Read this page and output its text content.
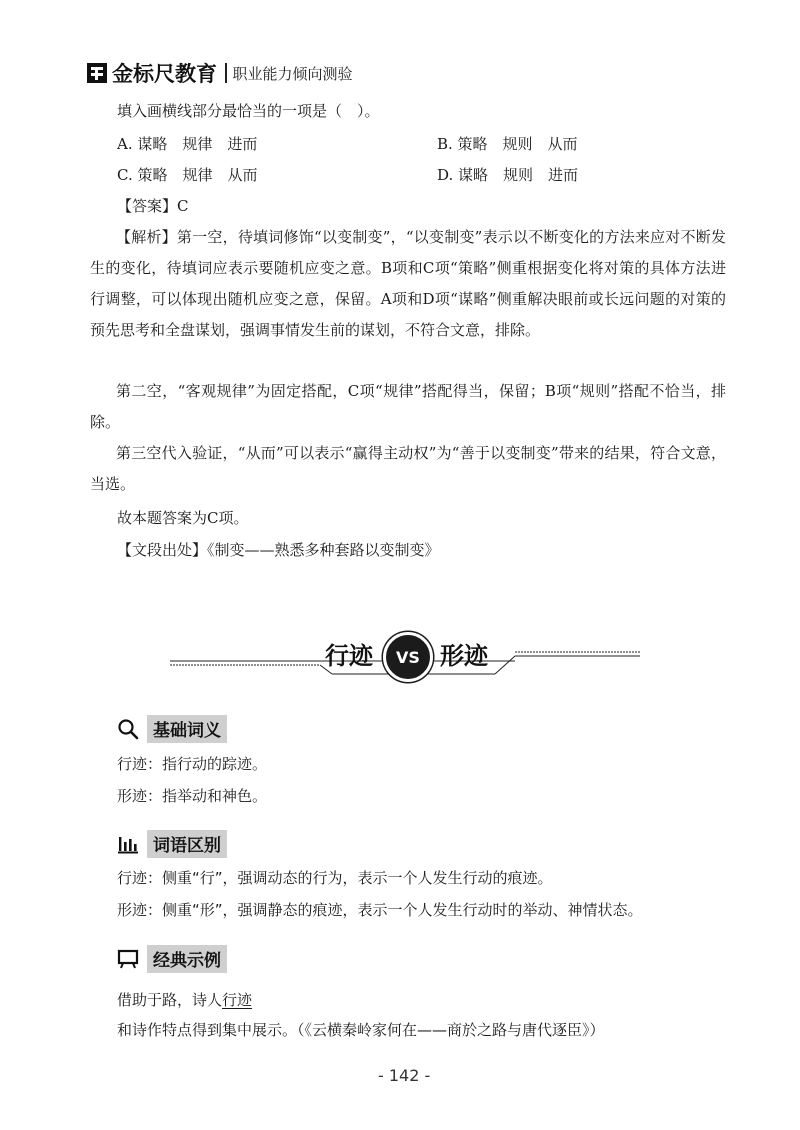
金标尺教育 职业能力倾向测验
填入画横线部分最恰当的一项是（　）。
A. 谋略　规律　进而	B. 策略　规则　从而
C. 策略　规律　从而	D. 谋略　规则　进而
【答案】C
【解析】第一空，待填词修饰“以变制变”，“以变制变”表示以不断变化的方法来应对不断发生的变化，待填词应表示要随机应变之意。B项和C项“策略”侧重根据变化将对策的具体方法进行调整，可以体现出随机应变之意，保留。A项和D项“谋略”侧重解决眼前或长远问题的对策的预先思考和全盘谋划，强调事情发生前的谋划，不符合文意，排除。
第二空，“客观规律”为固定搭配，C项“规律”搭配得当，保留；B项“规则”搭配不恰当，排除。
第三空代入验证，“从而”可以表示“赢得主动权”为“善于以变制变”带来的结果，符合文意，当选。
故本题答案为C项。
【文段出处】《制变——熟悉多种套路以变制变》
行迹	VS 形迹
基础词义
行迹：指行动的踪迹。
形迹：指举动和神色。
词语区别
行迹：侧重“行”，强调动态的行为，表示一个人发生行动的痕迹。
形迹：侧重“形”，强调静态的痕迹，表示一个人发生行动时的举动、神情状态。
经典示例
借助于路，诗人行迹和诗作特点得到集中展示。（《云横秦岭家何在——商於之路与唐代逐臣》）
- 142 -
